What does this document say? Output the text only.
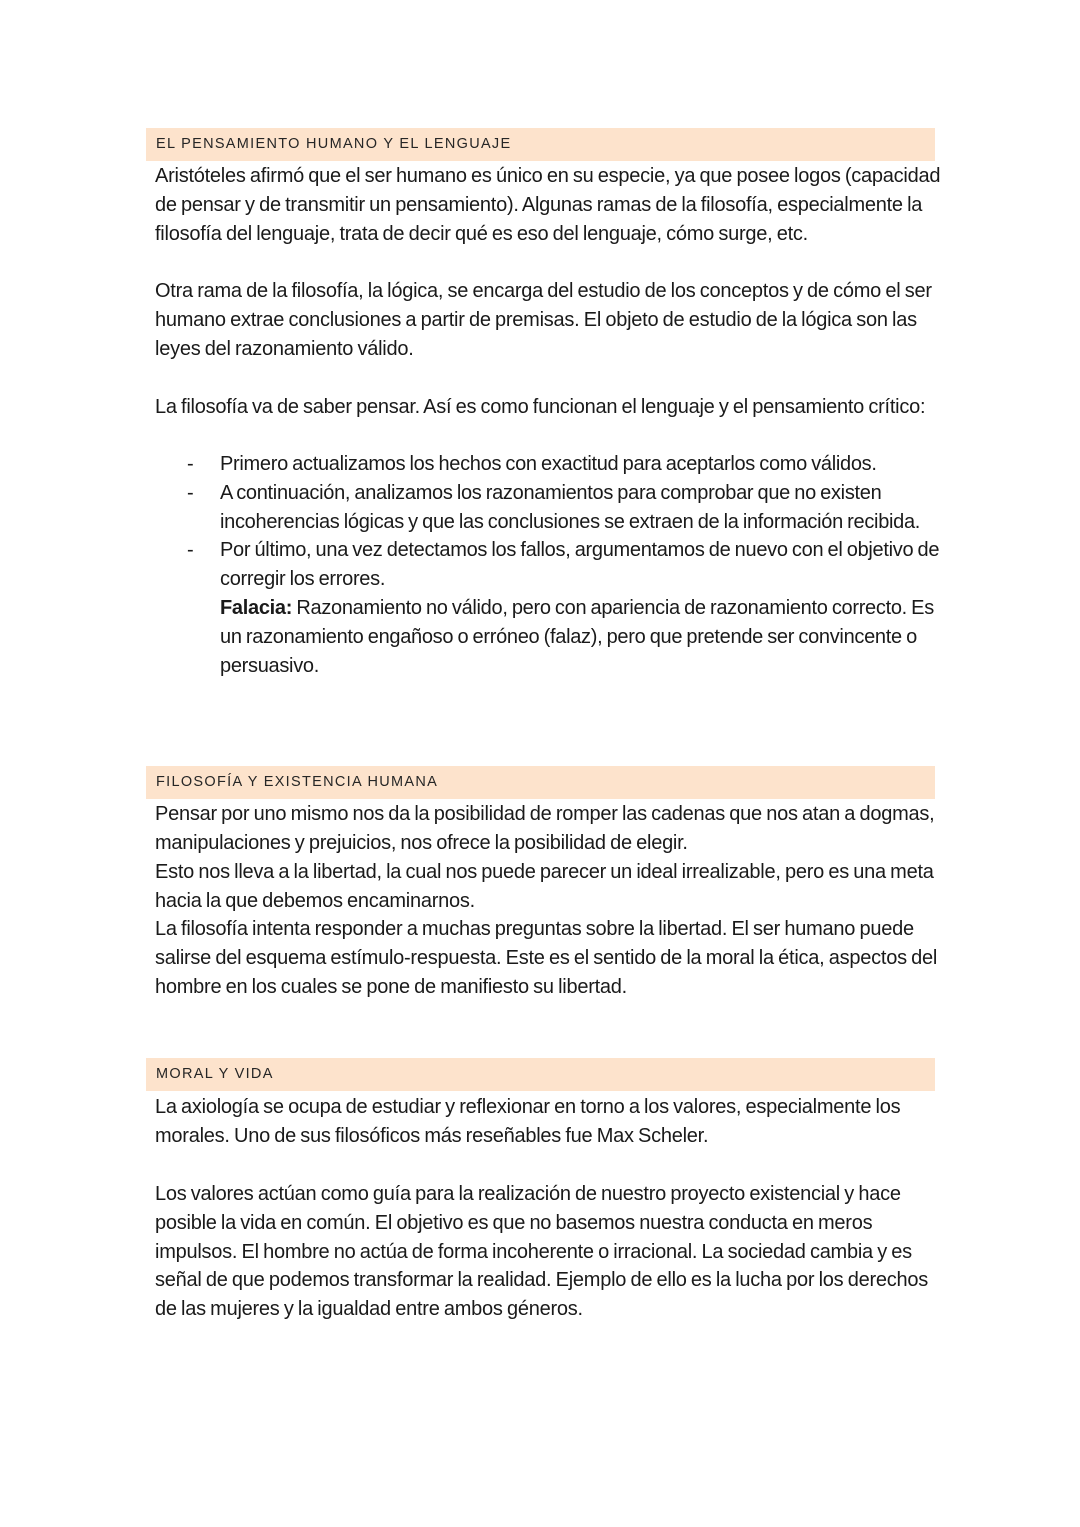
EL PENSAMIENTO HUMANO Y EL LENGUAJE

Aristóteles afirmó que el ser humano es único en su especie, ya que posee logos (capacidad de pensar y de transmitir un pensamiento). Algunas ramas de la filosofía, especialmente la filosofía del lenguaje, trata de decir qué es eso del lenguaje, cómo surge, etc.

Otra rama de la filosofía, la lógica, se encarga del estudio de los conceptos y de cómo el ser humano extrae conclusiones a partir de premisas. El objeto de estudio de la lógica son las leyes del razonamiento válido.

La filosofía va de saber pensar. Así es como funcionan el lenguaje y el pensamiento crítico:

- Primero actualizamos los hechos con exactitud para aceptarlos como válidos.
- A continuación, analizamos los razonamientos para comprobar que no existen incoherencias lógicas y que las conclusiones se extraen de la información recibida.
- Por último, una vez detectamos los fallos, argumentamos de nuevo con el objetivo de corregir los errores.
Falacia: Razonamiento no válido, pero con apariencia de razonamiento correcto. Es un razonamiento engañoso o erróneo (falaz), pero que pretende ser convincente o persuasivo.
FILOSOFÍA Y EXISTENCIA HUMANA

Pensar por uno mismo nos da la posibilidad de romper las cadenas que nos atan a dogmas, manipulaciones y prejuicios, nos ofrece la posibilidad de elegir.

Esto nos lleva a la libertad, la cual nos puede parecer un ideal irrealizable, pero es una meta hacia la que debemos encaminarnos.

La filosofía intenta responder a muchas preguntas sobre la libertad. El ser humano puede salirse del esquema estímulo-respuesta. Este es el sentido de la moral la ética, aspectos del hombre en los cuales se pone de manifiesto su libertad.

MORAL Y VIDA

La axiología se ocupa de estudiar y reflexionar en torno a los valores, especialmente los morales. Uno de sus filosóficos más reseñables fue Max Scheler.

Los valores actúan como guía para la realización de nuestro proyecto existencial y hace posible la vida en común. El objetivo es que no basemos nuestra conducta en meros impulsos. El hombre no actúa de forma incoherente o irracional. La sociedad cambia y es señal de que podemos transformar la realidad. Ejemplo de ello es la lucha por los derechos de las mujeres y la igualdad entre ambos géneros.
